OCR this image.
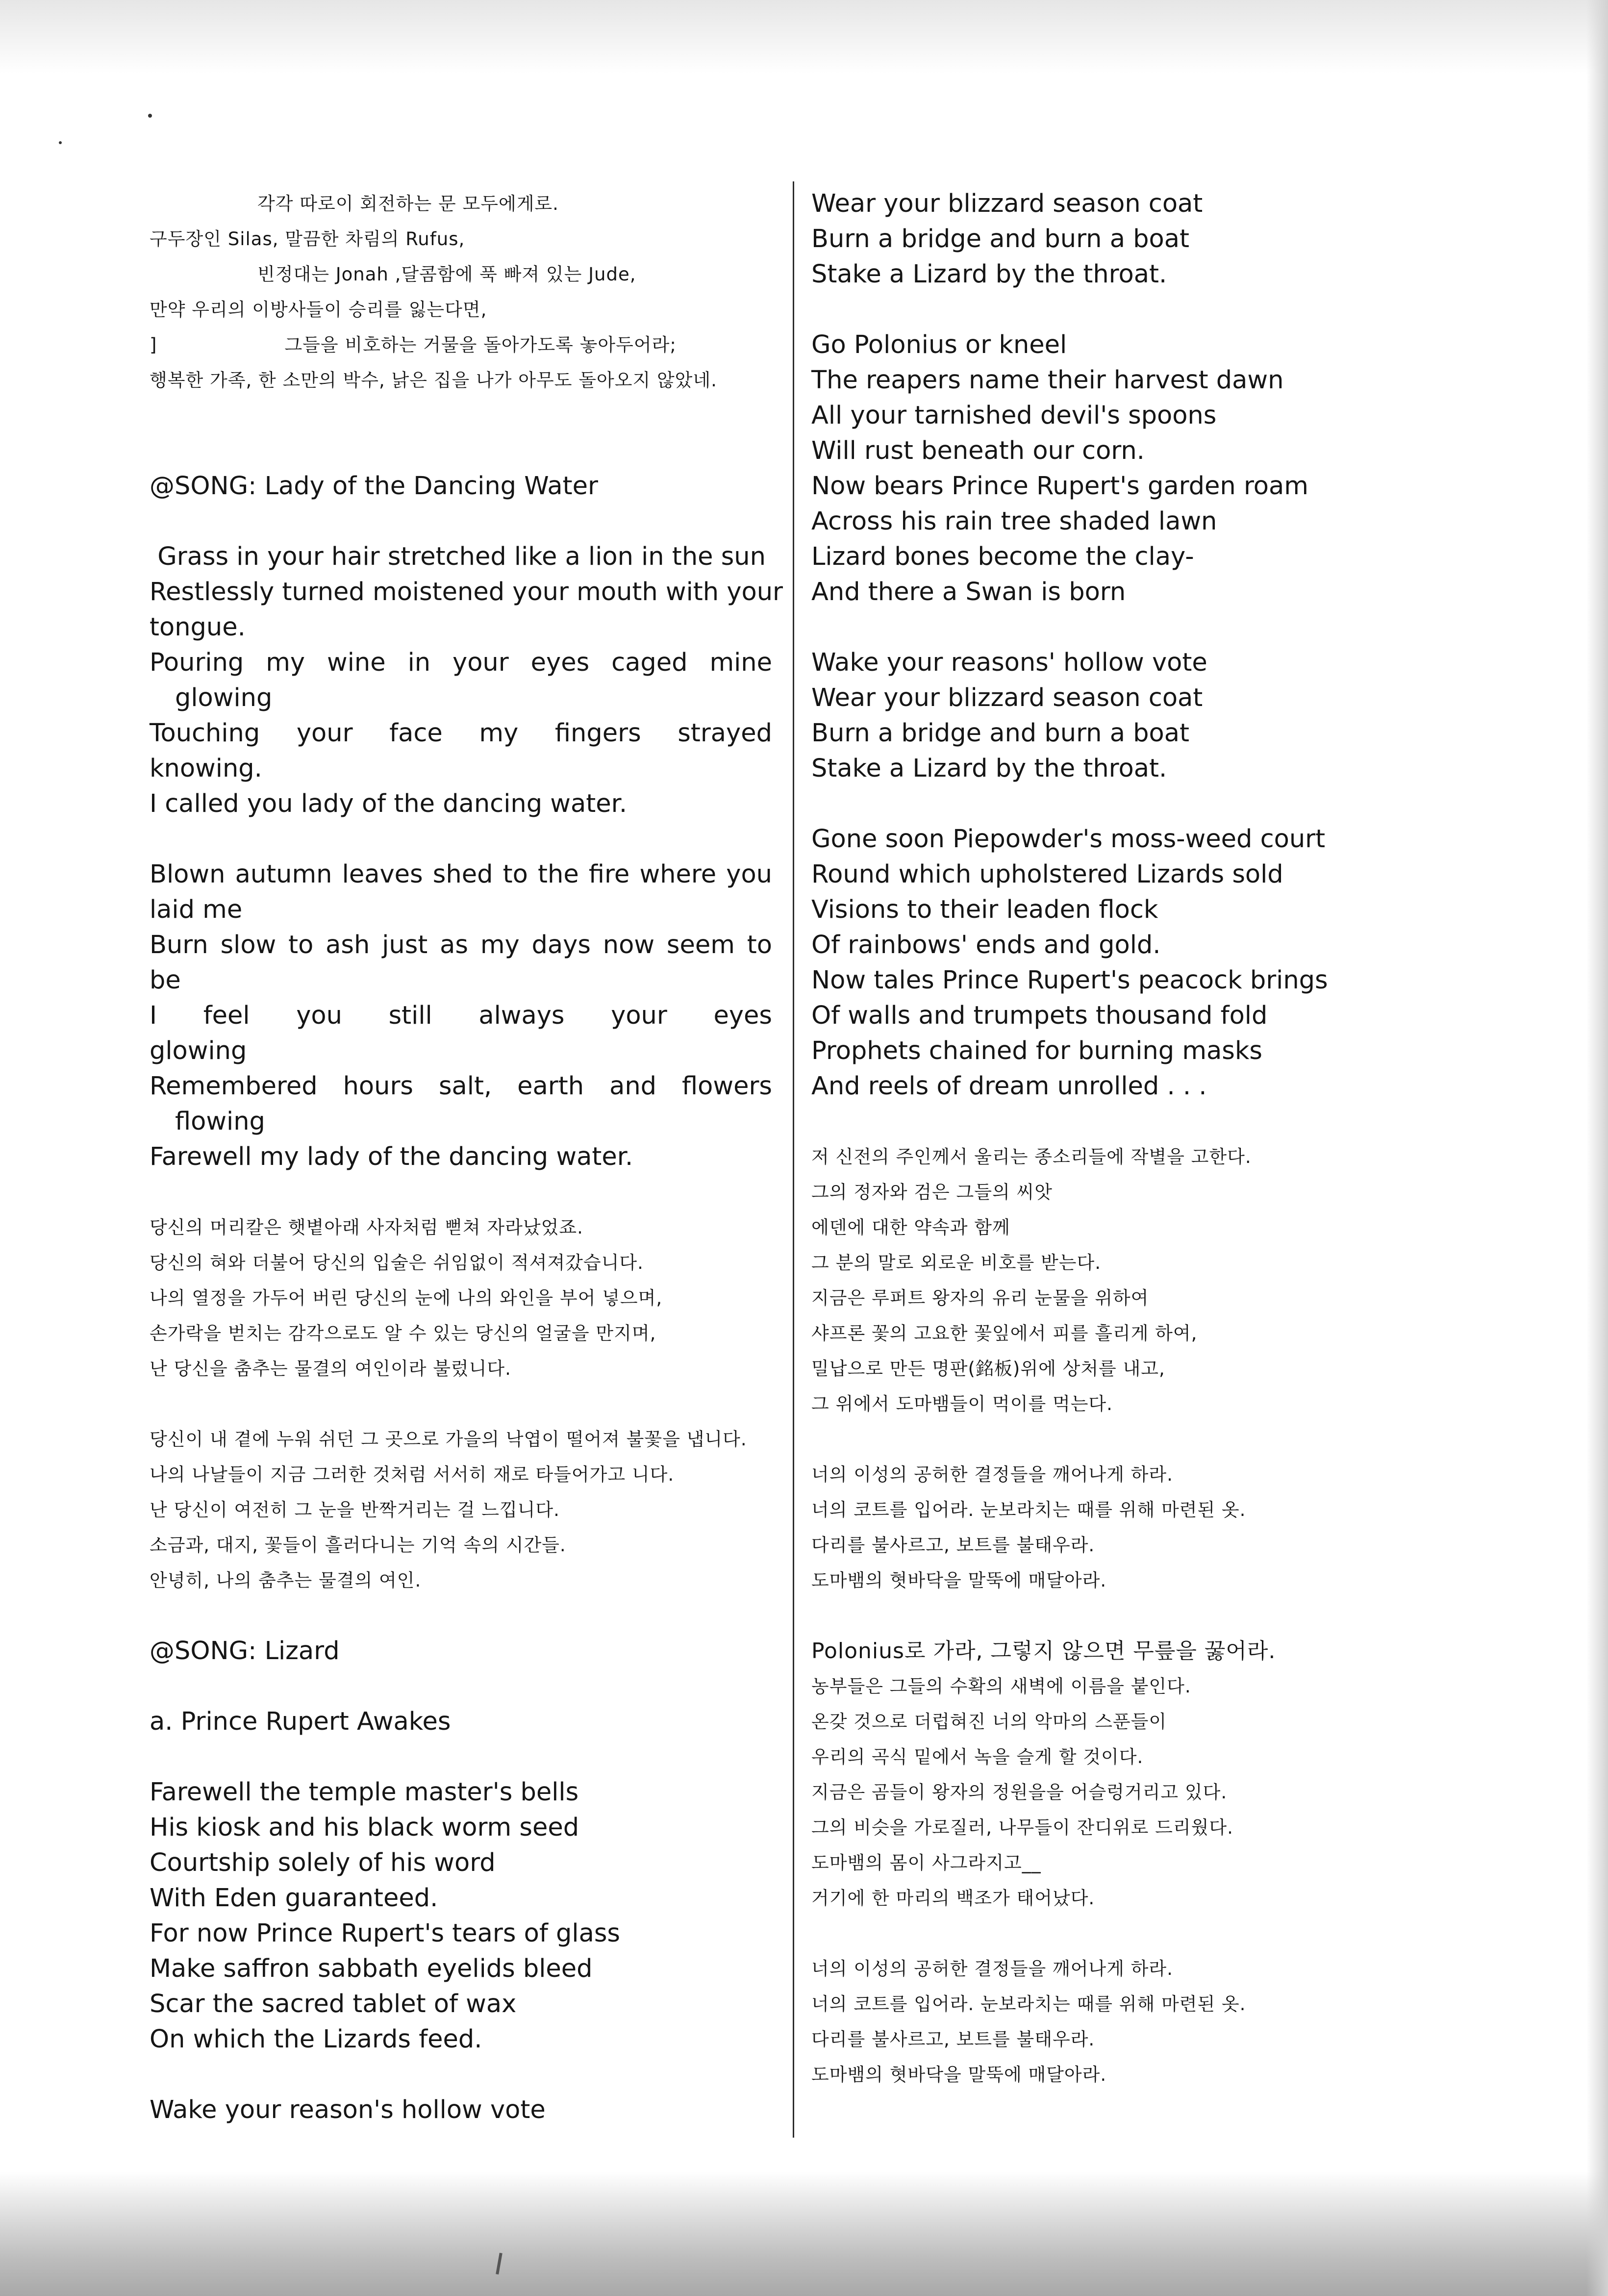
각각 따로이 회전하는 문 모두에게로.
구두장인 Silas, 말끔한 차림의 Rufus,
빈정대는 Jonah ,달콤함에 푹 빠져 있는 Jude,
만약 우리의 이방사들이 승리를 잃는다면,
]	그들을 비호하는 거물을 돌아가도록 놓아두어라;
행복한 가족, 한 소만의 박수, 낡은 집을 나가 아무도 돌아오지 않았네.
@SONG: Lady of the Dancing Water
Grass in your hair stretched like a lion in the sun
Restlessly turned moistened your mouth with your
tongue.
Pouring my wine in your eyes caged mine
glowing
Touching your face my fingers strayed
knowing.
I called you lady of the dancing water.
Blown autumn leaves shed to the fire where you
laid me
Burn slow to ash just as my days now seem to
be
I feel you still always your eyes
glowing
Remembered hours salt, earth and flowers
flowing
Farewell my lady of the dancing water.
당신의 머리칼은 햇볕아래 사자처럼 뻗쳐 자라났었죠.
당신의 혀와 더불어 당신의 입술은 쉬임없이 적셔져갔습니다.
나의 열정을 가두어 버린 당신의 눈에 나의 와인을 부어 넣으며,
손가락을 벋치는 감각으로도 알 수 있는 당신의 얼굴을 만지며,
난 당신을 춤추는 물결의 여인이라 불렀니다.
당신이 내 곁에 누워 쉬던 그 곳으로 가을의 낙엽이 떨어져 불꽃을 냅니다.
나의 나날들이 지금 그러한 것처럼 서서히 재로 타들어가고 니다.
난 당신이 여전히 그 눈을 반짝거리는 걸 느낍니다.
소금과, 대지, 꽃들이 흘러다니는 기억 속의 시간들.
안녕히, 나의 춤추는 물결의 여인.
@SONG: Lizard
a. Prince Rupert Awakes
Farewell the temple master's bells
His kiosk and his black worm seed
Courtship solely of his word
With Eden guaranteed.
For now Prince Rupert's tears of glass
Make saffron sabbath eyelids bleed
Scar the sacred tablet of wax
On which the Lizards feed.
Wake your reason's hollow vote
Wear your blizzard season coat
Burn a bridge and burn a boat
Stake a Lizard by the throat.
Go Polonius or kneel
The reapers name their harvest dawn
All your tarnished devil's spoons
Will rust beneath our corn.
Now bears Prince Rupert's garden roam
Across his rain tree shaded lawn
Lizard bones become the clay-
And there a Swan is born
Wake your reasons' hollow vote
Wear your blizzard season coat
Burn a bridge and burn a boat
Stake a Lizard by the throat.
Gone soon Piepowder's moss-weed court
Round which upholstered Lizards sold
Visions to their leaden flock
Of rainbows' ends and gold.
Now tales Prince Rupert's peacock brings
Of walls and trumpets thousand fold
Prophets chained for burning masks
And reels of dream unrolled . . .
저 신전의 주인께서 울리는 종소리들에 작별을 고한다.
그의 정자와 검은 그들의 씨앗
에덴에 대한 약속과 함께
그 분의 말로 외로운 비호를 받는다.
지금은 루퍼트 왕자의 유리 눈물을 위하여
샤프론 꽃의 고요한 꽃잎에서 피를 흘리게 하여,
밀납으로 만든 명판(銘板)위에 상처를 내고,
그 위에서 도마뱀들이 먹이를 먹는다.
너의 이성의 공허한 결정들을 깨어나게 하라.
너의 코트를 입어라. 눈보라치는 때를 위해 마련된 옷.
다리를 불사르고, 보트를 불태우라.
도마뱀의 혓바닥을 말뚝에 매달아라.
Polonius로 가라, 그렇지 않으면 무릎을 꿇어라.
농부들은 그들의 수확의 새벽에 이름을 붙인다.
온갖 것으로 더럽혀진 너의 악마의 스푼들이
우리의 곡식 밑에서 녹을 슬게 할 것이다.
지금은 곰들이 왕자의 정원을을 어슬렁거리고 있다.
그의 비슷을 가로질러, 나무들이 잔디위로 드리웠다.
도마뱀의 몸이 사그라지고__
거기에 한 마리의 백조가 태어났다.
너의 이성의 공허한 결정들을 깨어나게 하라.
너의 코트를 입어라. 눈보라치는 때를 위해 마련된 옷.
다리를 불사르고, 보트를 불태우라.
도마뱀의 혓바닥을 말뚝에 매달아라.
